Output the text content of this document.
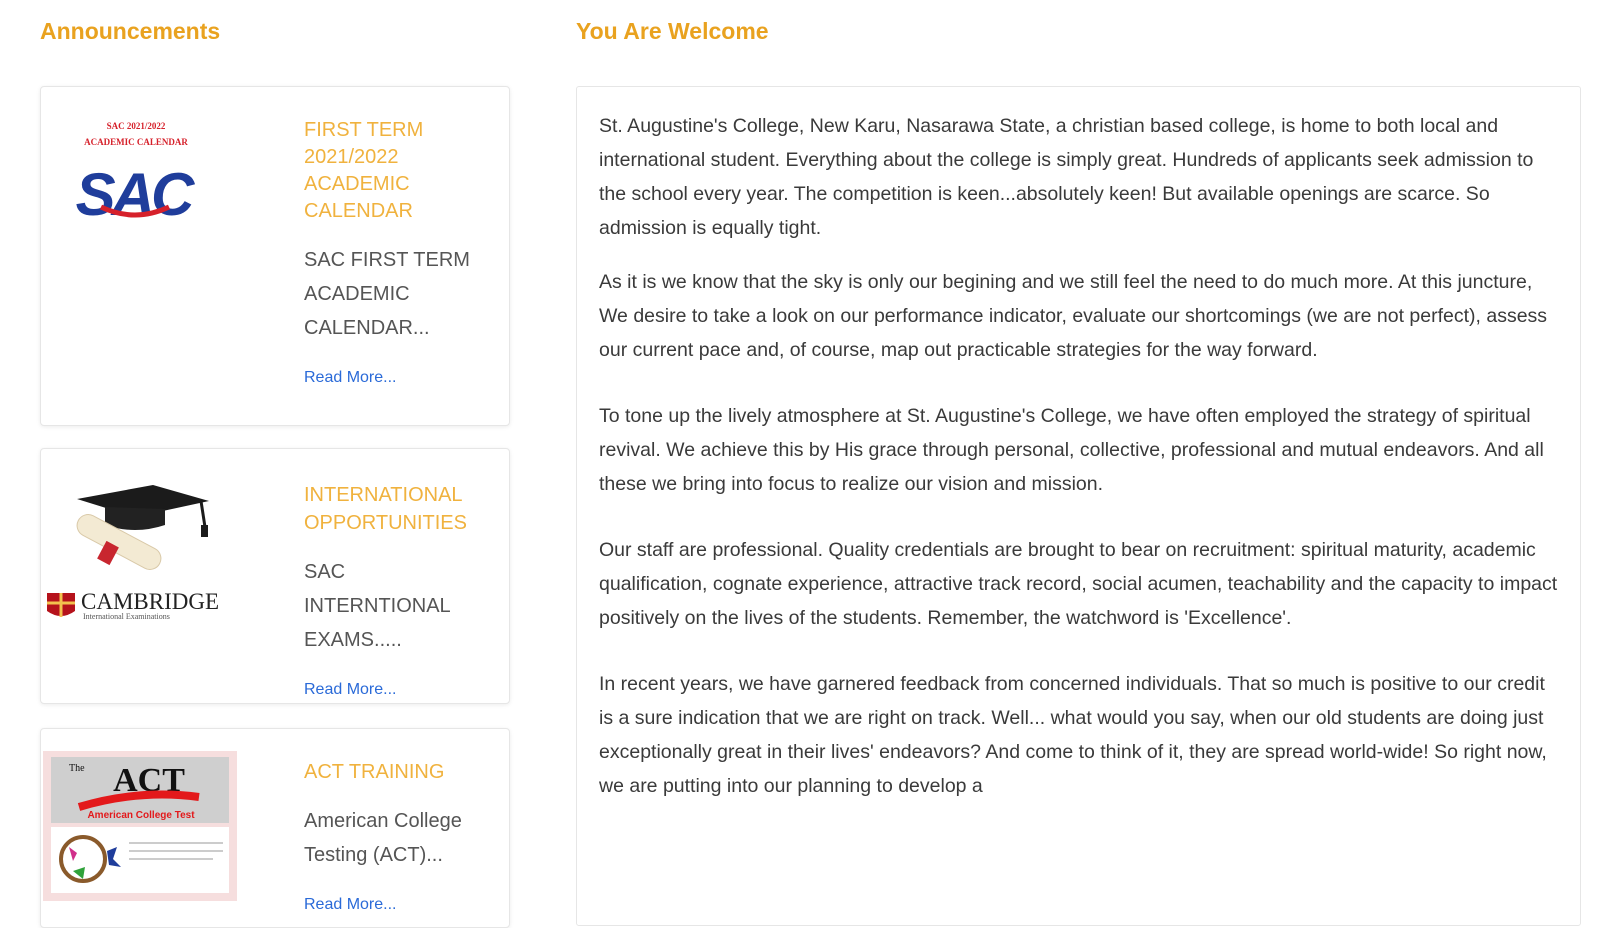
Announcements	You Are Welcome
SAC 2021/2022
ACADEMIC CALENDAR
SAC
FIRST TERM 2021/2022 ACADEMIC CALENDAR
SAC FIRST TERM ACADEMIC CALENDAR...
Read More...
CAMBRIDGE
International Examinations
INTERNATIONAL OPPORTUNITIES
SAC INTERNTIONAL EXAMS.....
Read More...
The ACT
American College Test
ACT TRAINING
American College Testing (ACT)...
Read More...

St. Augustine's College, New Karu, Nasarawa State, a christian based college, is home to both local and international student. Everything about the college is simply great. Hundreds of applicants seek admission to the school every year. The competition is keen...absolutely keen! But available openings are scarce. So admission is equally tight.

As it is we know that the sky is only our begining and we still feel the need to do much more. At this juncture, We desire to take a look on our performance indicator, evaluate our shortcomings (we are not perfect), assess our current pace and, of course, map out practicable strategies for the way forward.

To tone up the lively atmosphere at St. Augustine's College, we have often employed the strategy of spiritual revival. We achieve this by His grace through personal, collective, professional and mutual endeavors. And all these we bring into focus to realize our vision and mission.

Our staff are professional. Quality credentials are brought to bear on recruitment: spiritual maturity, academic qualification, cognate experience, attractive track record, social acumen, teachability and the capacity to impact positively on the lives of the students. Remember, the watchword is 'Excellence'.

In recent years, we have garnered feedback from concerned individuals. That so much is positive to our credit is a sure indication that we are right on track. Well... what would you say, when our old students are doing just exceptionally great in their lives' endeavors? And come to think of it, they are spread world-wide! So right now, we are putting into our planning to develop a
